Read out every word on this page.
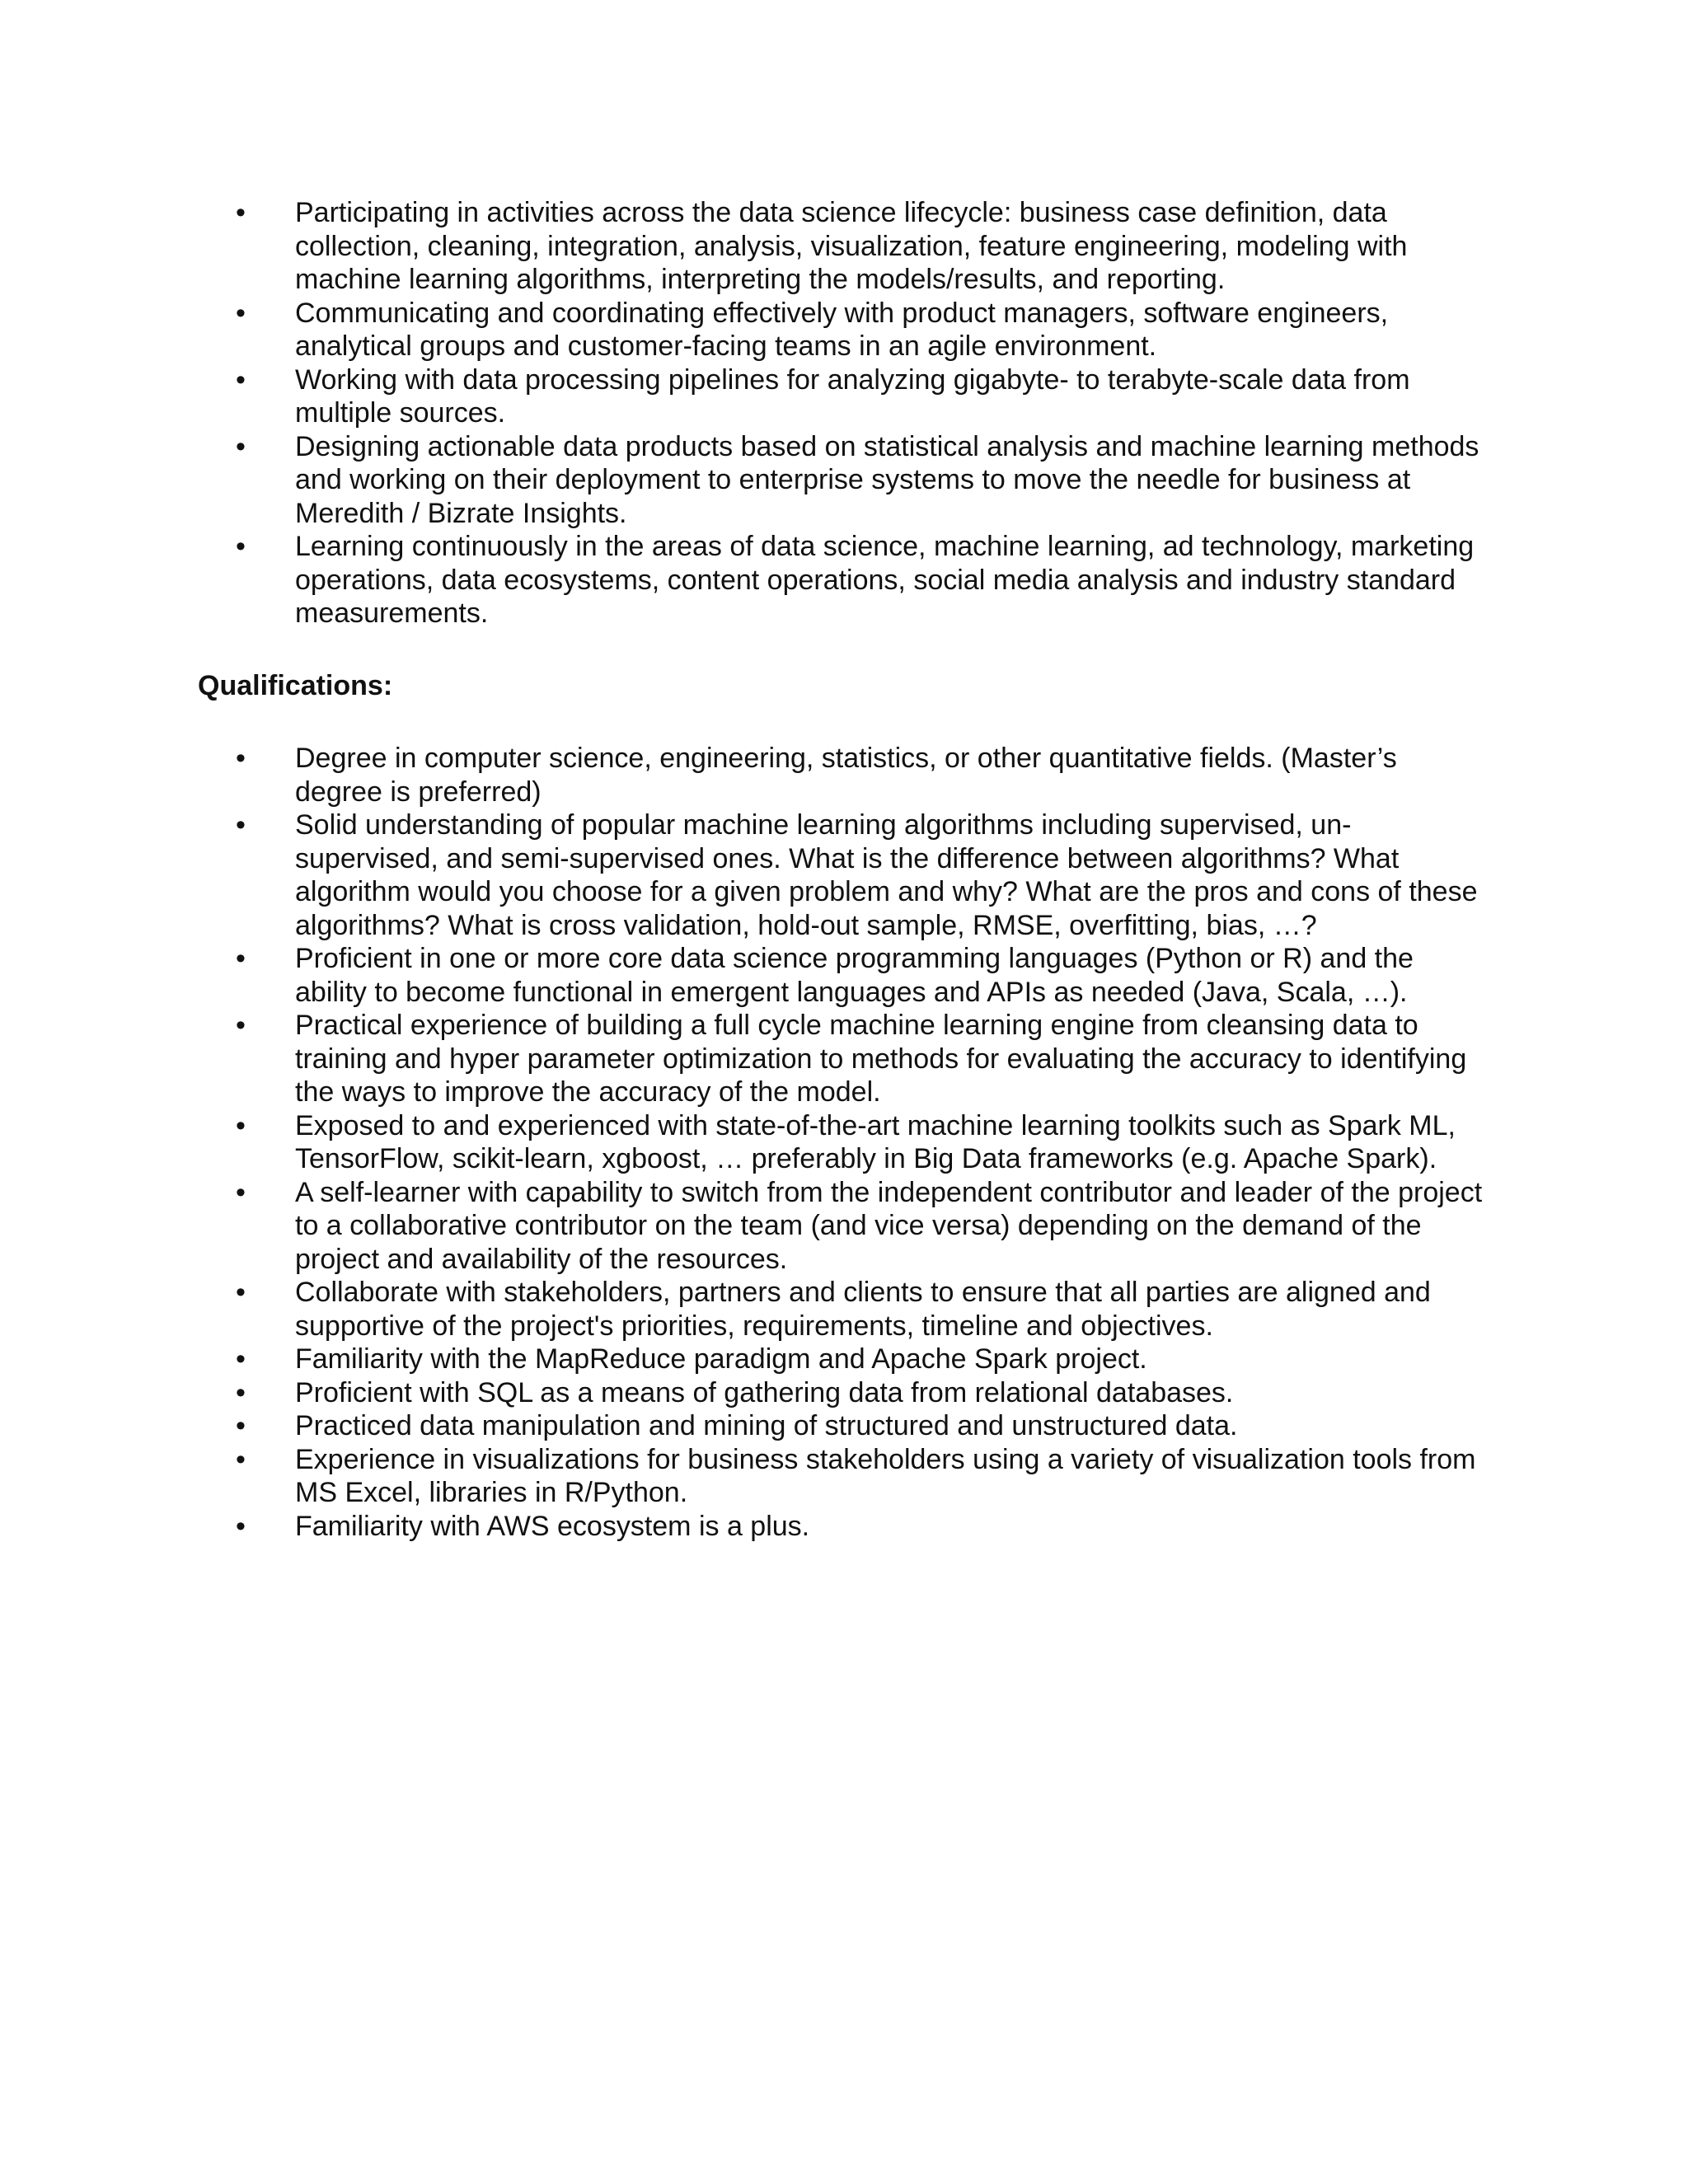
• Participating in activities across the data science lifecycle: business case definition, data collection, cleaning, integration, analysis, visualization, feature engineering, modeling with machine learning algorithms, interpreting the models/results, and reporting.
• Communicating and coordinating effectively with product managers, software engineers, analytical groups and customer-facing teams in an agile environment.
• Working with data processing pipelines for analyzing gigabyte- to terabyte-scale data from multiple sources.
• Designing actionable data products based on statistical analysis and machine learning methods and working on their deployment to enterprise systems to move the needle for business at Meredith / Bizrate Insights.
• Learning continuously in the areas of data science, machine learning, ad technology, marketing operations, data ecosystems, content operations, social media analysis and industry standard measurements.
Qualifications:
• Degree in computer science, engineering, statistics, or other quantitative fields. (Master’s degree is preferred)
• Solid understanding of popular machine learning algorithms including supervised, un-supervised, and semi-supervised ones. What is the difference between algorithms? What algorithm would you choose for a given problem and why? What are the pros and cons of these algorithms? What is cross validation, hold-out sample, RMSE, overfitting, bias, …?
• Proficient in one or more core data science programming languages (Python or R) and the ability to become functional in emergent languages and APIs as needed (Java, Scala, …).
• Practical experience of building a full cycle machine learning engine from cleansing data to training and hyper parameter optimization to methods for evaluating the accuracy to identifying the ways to improve the accuracy of the model.
• Exposed to and experienced with state-of-the-art machine learning toolkits such as Spark ML, TensorFlow, scikit-learn, xgboost, … preferably in Big Data frameworks (e.g. Apache Spark).
• A self-learner with capability to switch from the independent contributor and leader of the project to a collaborative contributor on the team (and vice versa) depending on the demand of the project and availability of the resources.
• Collaborate with stakeholders, partners and clients to ensure that all parties are aligned and supportive of the project's priorities, requirements, timeline and objectives.
• Familiarity with the MapReduce paradigm and Apache Spark project.
• Proficient with SQL as a means of gathering data from relational databases.
• Practiced data manipulation and mining of structured and unstructured data.
• Experience in visualizations for business stakeholders using a variety of visualization tools from MS Excel, libraries in R/Python.
• Familiarity with AWS ecosystem is a plus.
